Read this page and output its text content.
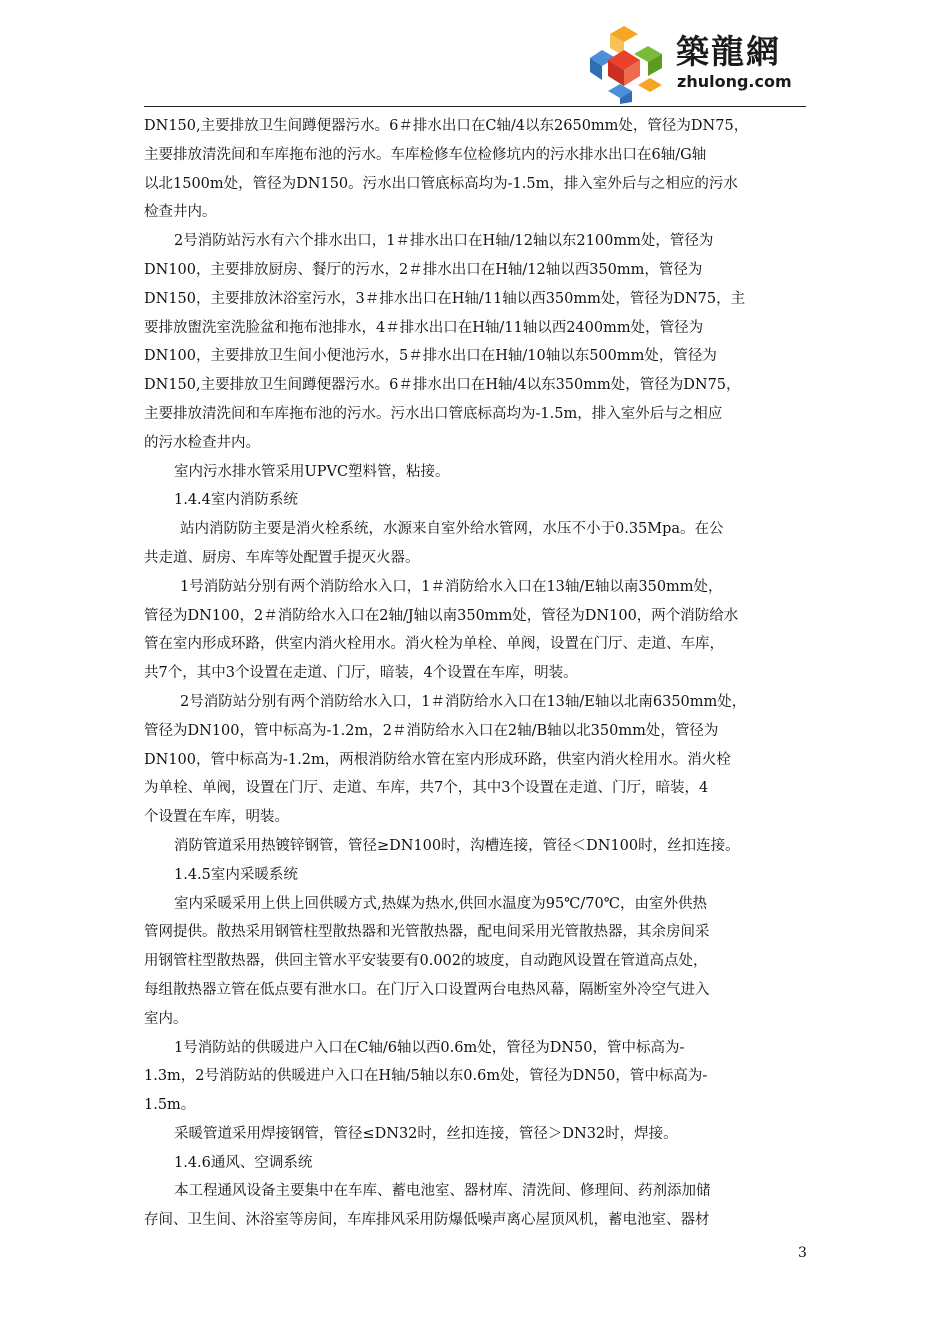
築龍網
zhulong.com
DN150,主要排放卫生间蹲便器污水。6＃排水出口在C轴/4以东2650mm处，管径为DN75，
主要排放清洗间和车库拖布池的污水。车库检修车位检修坑内的污水排水出口在6轴/G轴
以北1500m处，管径为DN150。污水出口管底标高均为-1.5m，排入室外后与之相应的污水
检查井内。
2号消防站污水有六个排水出口，1＃排水出口在H轴/12轴以东2100mm处，管径为
DN100，主要排放厨房、餐厅的污水，2＃排水出口在H轴/12轴以西350mm，管径为
DN150，主要排放沐浴室污水，3＃排水出口在H轴/11轴以西350mm处，管径为DN75，主
要排放盥洗室洗脸盆和拖布池排水，4＃排水出口在H轴/11轴以西2400mm处，管径为
DN100，主要排放卫生间小便池污水，5＃排水出口在H轴/10轴以东500mm处，管径为
DN150,主要排放卫生间蹲便器污水。6＃排水出口在H轴/4以东350mm处，管径为DN75，
主要排放清洗间和车库拖布池的污水。污水出口管底标高均为-1.5m，排入室外后与之相应
的污水检查井内。
室内污水排水管采用UPVC塑料管，粘接。
1.4.4室内消防系统
站内消防防主要是消火栓系统，水源来自室外给水管网，水压不小于0.35Mpa。在公
共走道、厨房、车库等处配置手提灭火器。
1号消防站分别有两个消防给水入口，1＃消防给水入口在13轴/E轴以南350mm处，
管径为DN100，2＃消防给水入口在2轴/J轴以南350mm处，管径为DN100，两个消防给水
管在室内形成环路，供室内消火栓用水。消火栓为单栓、单阀，设置在门厅、走道、车库，
共7个，其中3个设置在走道、门厅，暗装，4个设置在车库，明装。
2号消防站分别有两个消防给水入口，1＃消防给水入口在13轴/E轴以北南6350mm处，
管径为DN100，管中标高为-1.2m，2＃消防给水入口在2轴/B轴以北350mm处，管径为
DN100，管中标高为-1.2m，两根消防给水管在室内形成环路，供室内消火栓用水。消火栓
为单栓、单阀，设置在门厅、走道、车库，共7个，其中3个设置在走道、门厅，暗装，4
个设置在车库，明装。
消防管道采用热镀锌钢管，管径≥DN100时，沟槽连接，管径＜DN100时，丝扣连接。
1.4.5室内采暖系统
室内采暖采用上供上回供暖方式,热媒为热水,供回水温度为95℃/70℃，由室外供热
管网提供。散热采用钢管柱型散热器和光管散热器，配电间采用光管散热器，其余房间采
用钢管柱型散热器，供回主管水平安装要有0.002的坡度，自动跑风设置在管道高点处，
每组散热器立管在低点要有泄水口。在门厅入口设置两台电热风幕，隔断室外冷空气进入
室内。
1号消防站的供暖进户入口在C轴/6轴以西0.6m处，管径为DN50，管中标高为-
1.3m，2号消防站的供暖进户入口在H轴/5轴以东0.6m处，管径为DN50，管中标高为-
1.5m。
采暖管道采用焊接钢管，管径≤DN32时，丝扣连接，管径＞DN32时，焊接。
1.4.6通风、空调系统
本工程通风设备主要集中在车库、蓄电池室、器材库、清洗间、修理间、药剂添加储
存间、卫生间、沐浴室等房间，车库排风采用防爆低噪声离心屋顶风机，蓄电池室、器材
3
